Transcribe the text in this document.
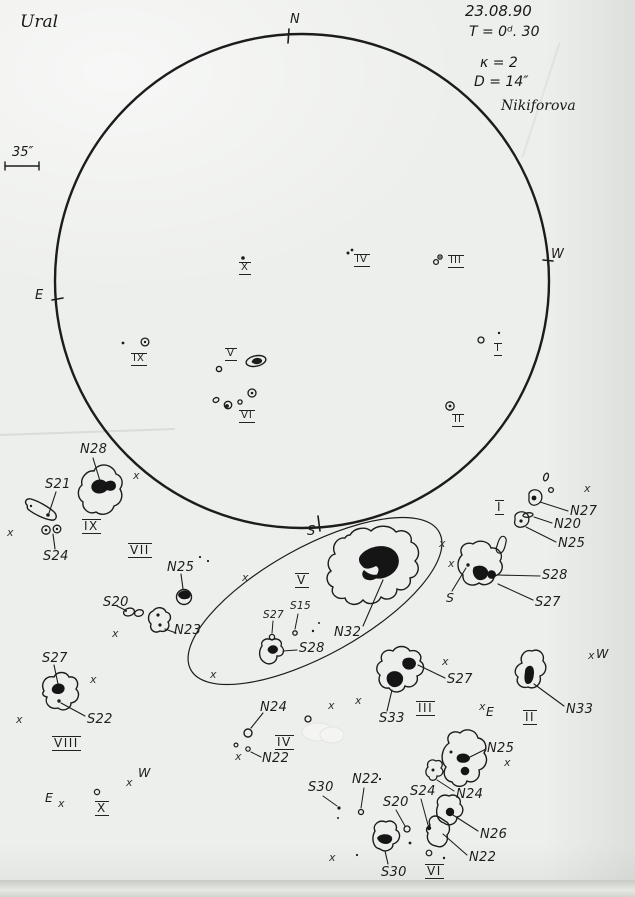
Ural
23.08.90
T = 0ᵈ. 30
κ = 2
D = 14″
Nikiforova
35″
N
E
W
S
N28
S21
S24
N25
S20
N23
S27
S22
S27
S15
N32
S28
N24
N22
S33
S27
N33
N27
N20
N25
S28
S27
N25
N24
N26
N22
S30
N22
S20
S24
S30
X
IV	III
IX	V
VI
I
II
IX
VII
V
I
VIII	IV
III
II
X
VI
E
W
S
E
W
x
x
x
x
x
x
x
x
x
x
x x
x
x
x
x
x
x
x
x
